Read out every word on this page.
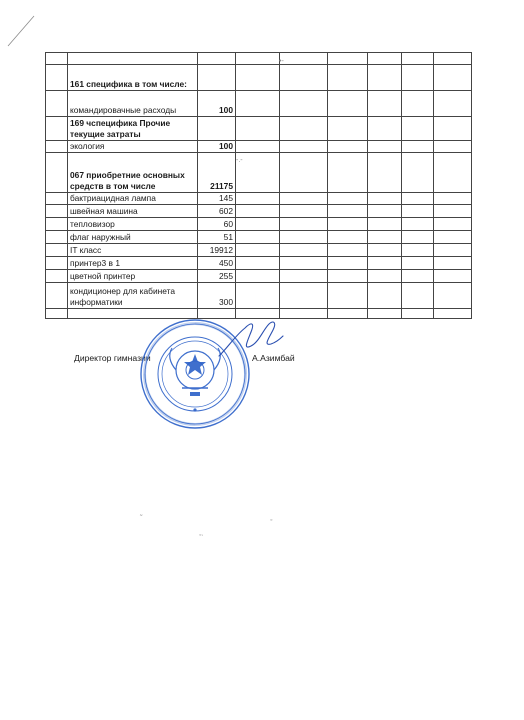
	161 специфика в том числе:							
	командировачные расходы	100						
	169 чспецифика Прочие текущие затраты							
	экология	100						
	067 приобретние основных средств в том числе	21175						
	бактриацидная лампа	145						
	швейная машина	602						
	тепловизор	60						
	флаг наружный	51						
	IT класс	19912						
	принтер3 в 1	450						
	цветной принтер	255						
	кондиционер для кабинета информатики	300						

Директор гимназии	А.Азимбай
•-
-.-
˜	◦
◦·
